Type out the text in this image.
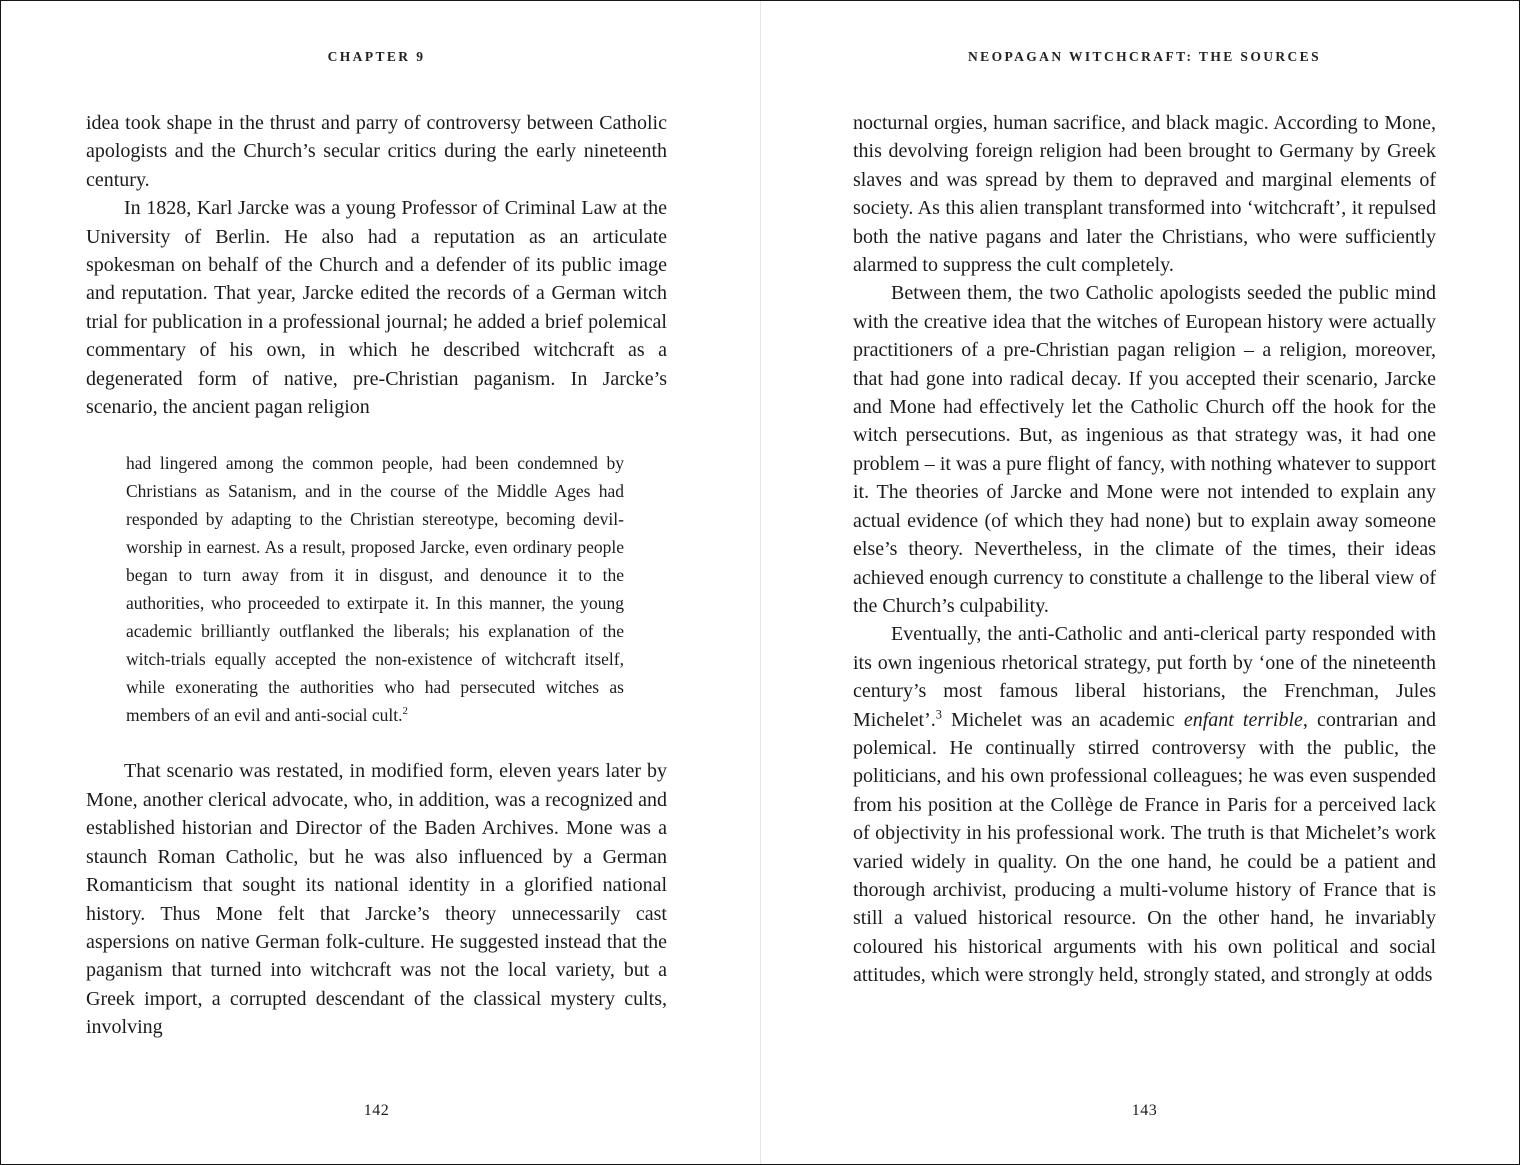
CHAPTER 9

idea took shape in the thrust and parry of controversy between Catholic apologists and the Church’s secular critics during the early nineteenth century.

In 1828, Karl Jarcke was a young Professor of Criminal Law at the University of Berlin. He also had a reputation as an articulate spokesman on behalf of the Church and a defender of its public image and reputation. That year, Jarcke edited the records of a German witch trial for publication in a professional journal; he added a brief polemical commentary of his own, in which he described witchcraft as a degenerated form of native, pre-Christian paganism. In Jarcke’s scenario, the ancient pagan religion

had lingered among the common people, had been condemned by Christians as Satanism, and in the course of the Middle Ages had responded by adapting to the Christian stereotype, becoming devil-worship in earnest. As a result, proposed Jarcke, even ordinary people began to turn away from it in disgust, and denounce it to the authorities, who proceeded to extirpate it. In this manner, the young academic brilliantly outflanked the liberals; his explanation of the witch-trials equally accepted the non-existence of witchcraft itself, while exonerating the authorities who had persecuted witches as members of an evil and anti-social cult.$^2$

That scenario was restated, in modified form, eleven years later by Mone, another clerical advocate, who, in addition, was a recognized and established historian and Director of the Baden Archives. Mone was a staunch Roman Catholic, but he was also influenced by a German Romanticism that sought its national identity in a glorified national history. Thus Mone felt that Jarcke’s theory unnecessarily cast aspersions on native German folk-culture. He suggested instead that the paganism that turned into witchcraft was not the local variety, but a Greek import, a corrupted descendant of the classical mystery cults, involving

142
NEOPAGAN WITCHCRAFT: THE SOURCES

nocturnal orgies, human sacrifice, and black magic. According to Mone, this devolving foreign religion had been brought to Germany by Greek slaves and was spread by them to depraved and marginal elements of society. As this alien transplant transformed into ‘witchcraft’, it repulsed both the native pagans and later the Christians, who were sufficiently alarmed to suppress the cult completely.

Between them, the two Catholic apologists seeded the public mind with the creative idea that the witches of European history were actually practitioners of a pre-Christian pagan religion – a religion, moreover, that had gone into radical decay. If you accepted their scenario, Jarcke and Mone had effectively let the Catholic Church off the hook for the witch persecutions. But, as ingenious as that strategy was, it had one problem – it was a pure flight of fancy, with nothing whatever to support it. The theories of Jarcke and Mone were not intended to explain any actual evidence (of which they had none) but to explain away someone else’s theory. Nevertheless, in the climate of the times, their ideas achieved enough currency to constitute a challenge to the liberal view of the Church’s culpability.

Eventually, the anti-Catholic and anti-clerical party responded with its own ingenious rhetorical strategy, put forth by ‘one of the nineteenth century’s most famous liberal historians, the Frenchman, Jules Michelet’.$^3$ Michelet was an academic enfant terrible, contrarian and polemical. He continually stirred controversy with the public, the politicians, and his own professional colleagues; he was even suspended from his position at the Collège de France in Paris for a perceived lack of objectivity in his professional work. The truth is that Michelet’s work varied widely in quality. On the one hand, he could be a patient and thorough archivist, producing a multi-volume history of France that is still a valued historical resource. On the other hand, he invariably coloured his historical arguments with his own political and social attitudes, which were strongly held, strongly stated, and strongly at odds

143
